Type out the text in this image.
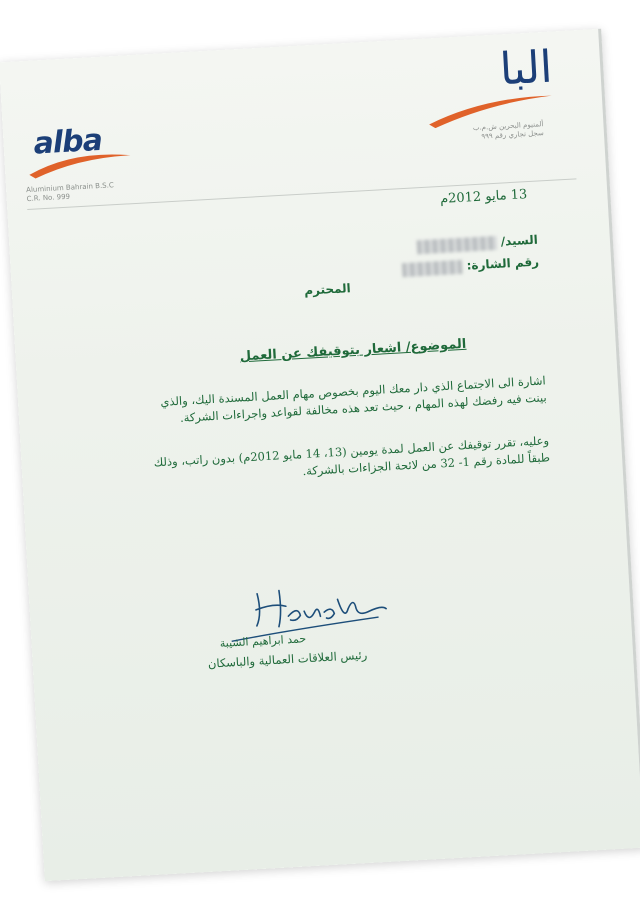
alba
Aluminium Bahrain B.S.C
C.R. No. 999
البا
ألمنيوم البحرين ش.م.ب
سجل تجاري رقم ٩٩٩
13 مايو 2012م
السيد/
رقم الشارة:
المحترم
الموضوع/ اشعار بتوقيفك عن العمل
اشارة الى الاجتماع الذي دار معك اليوم بخصوص مهام العمل المسندة اليك، والذي بينت فيه رفضك لهذه المهام ، حيث تعد هذه مخالفة لقواعد واجراءات الشركة.
وعليه، تقرر توقيفك عن العمل لمدة يومين (13، 14 مايو 2012م) بدون راتب، وذلك طبقاً للمادة رقم 1- 32 من لائحة الجزاءات بالشركة.
حمد ابراهيم الشيبة
رئيس العلاقات العمالية والباسكان
